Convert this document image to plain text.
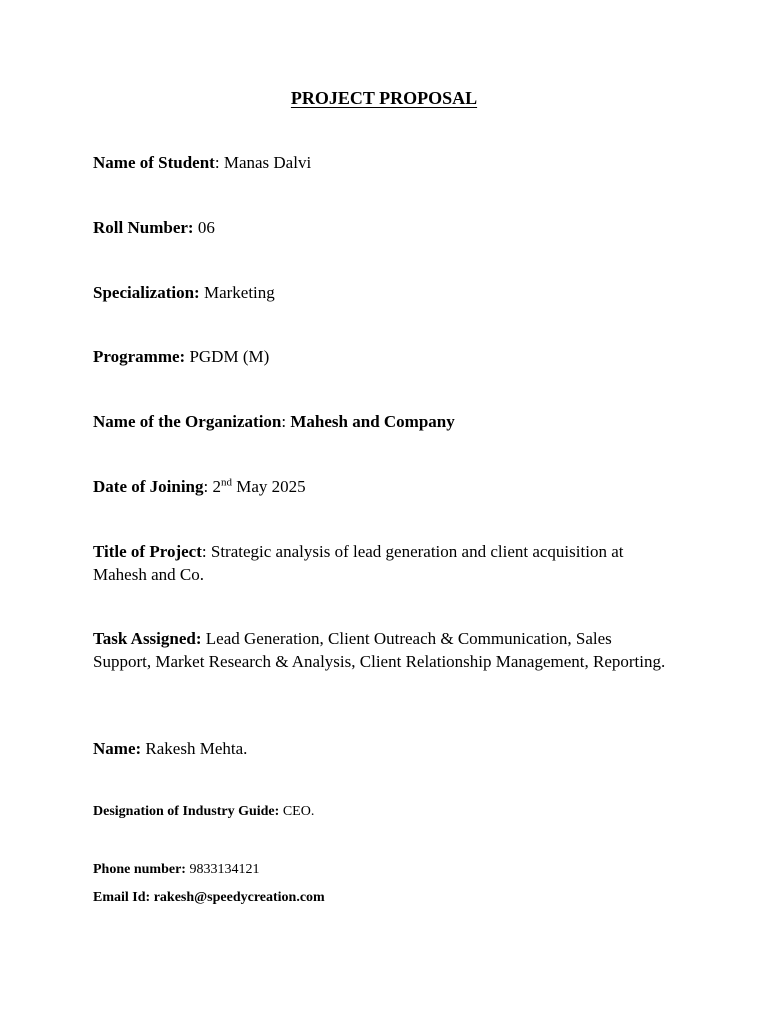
PROJECT PROPOSAL
Name of Student: Manas Dalvi
Roll Number: 06
Specialization: Marketing
Programme: PGDM (M)
Name of the Organization: Mahesh and Company
Date of Joining: 2nd May 2025
Title of Project: Strategic analysis of lead generation and client acquisition at Mahesh and Co.
Task Assigned: Lead Generation, Client Outreach & Communication, Sales Support, Market Research & Analysis, Client Relationship Management, Reporting.
Name: Rakesh Mehta.
Designation of Industry Guide: CEO.
Phone number: 9833134121
Email Id: rakesh@speedycreation.com
